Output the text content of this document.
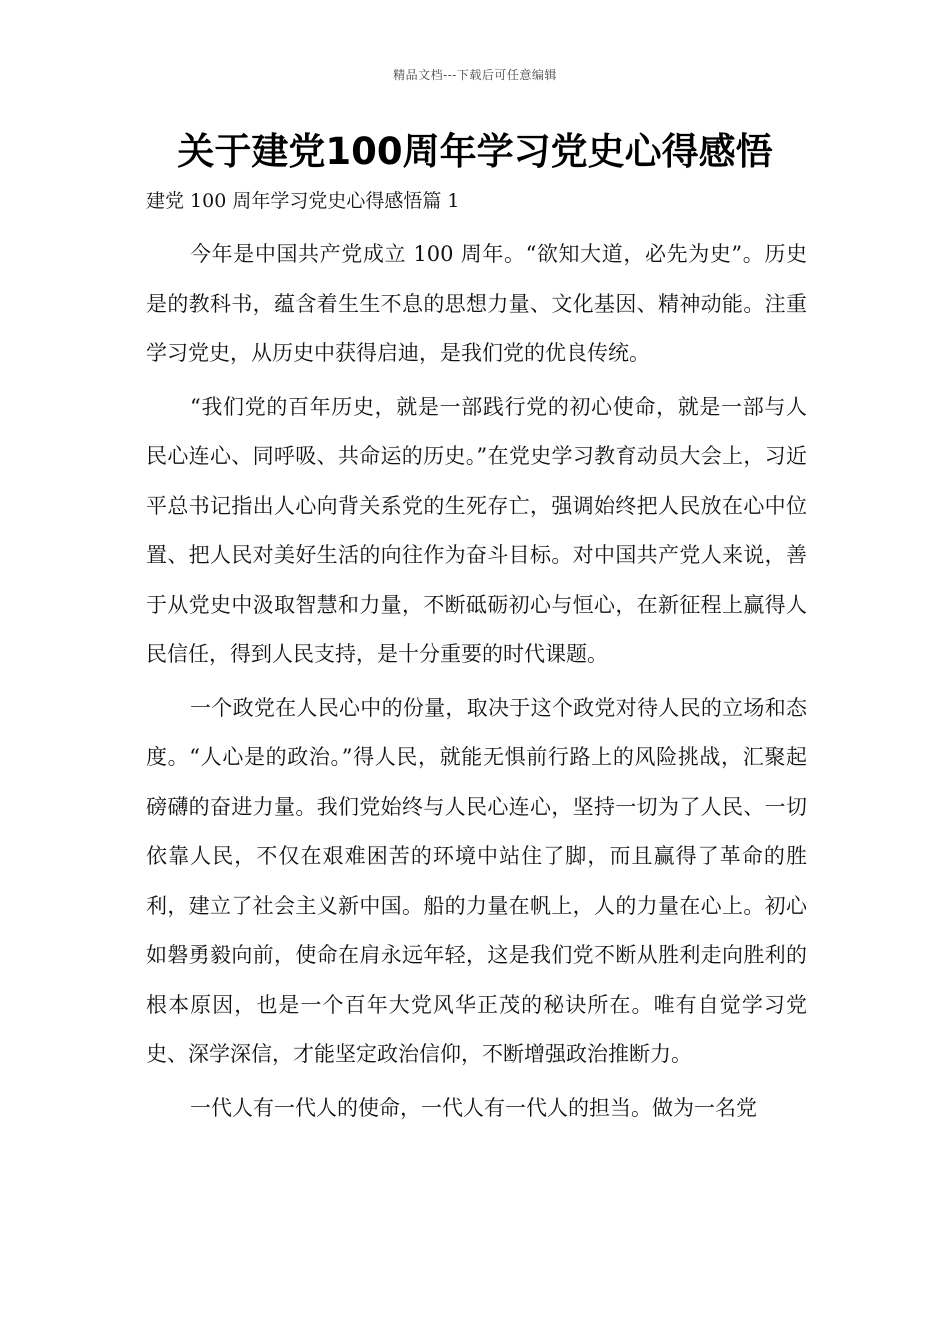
精品文档---下载后可任意编辑
关于建党100周年学习党史心得感悟

建党 100 周年学习党史心得感悟篇 1

今年是中国共产党成立 100 周年。“欲知大道，必先为史”。历史是的教科书，蕴含着生生不息的思想力量、文化基因、精神动能。注重学习党史，从历史中获得启迪，是我们党的优良传统。

“我们党的百年历史，就是一部践行党的初心使命，就是一部与人民心连心、同呼吸、共命运的历史。”在党史学习教育动员大会上，习近平总书记指出人心向背关系党的生死存亡，强调始终把人民放在心中位置、把人民对美好生活的向往作为奋斗目标。对中国共产党人来说，善于从党史中汲取智慧和力量，不断砥砺初心与恒心，在新征程上赢得人民信任，得到人民支持，是十分重要的时代课题。

一个政党在人民心中的份量，取决于这个政党对待人民的立场和态度。“人心是的政治。”得人民，就能无惧前行路上的风险挑战，汇聚起磅礴的奋进力量。我们党始终与人民心连心，坚持一切为了人民、一切依靠人民，不仅在艰难困苦的环境中站住了脚，而且赢得了革命的胜利，建立了社会主义新中国。船的力量在帆上，人的力量在心上。初心如磐勇毅向前，使命在肩永远年轻，这是我们党不断从胜利走向胜利的根本原因，也是一个百年大党风华正茂的秘诀所在。唯有自觉学习党史、深学深信，才能坚定政治信仰，不断增强政治推断力。

一代人有一代人的使命，一代人有一代人的担当。做为一名党
